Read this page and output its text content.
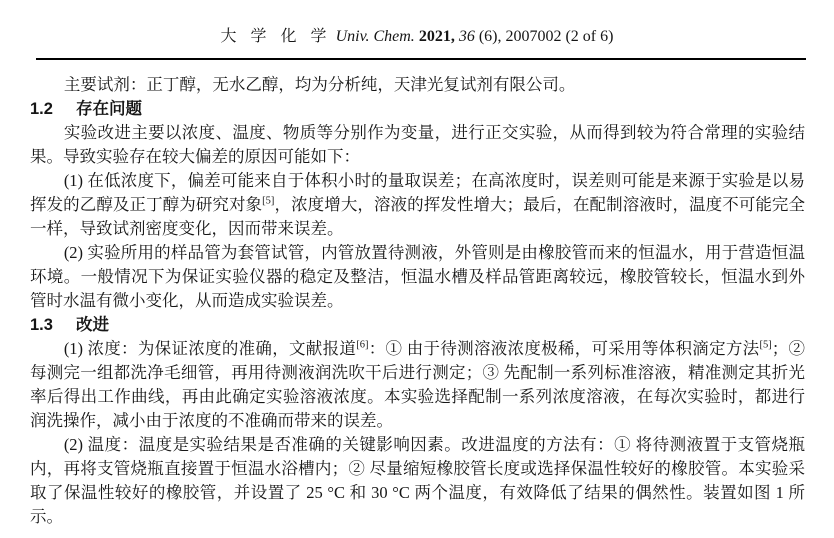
大 学 化 学 Univ. Chem. 2021, 36 (6), 2007002 (2 of 6)

主要试剂：正丁醇，无水乙醇，均为分析纯，天津光复试剂有限公司。

1.2 存在问题

实验改进主要以浓度、温度、物质等分别作为变量，进行正交实验，从而得到较为符合常理的实验结果。导致实验存在较大偏差的原因可能如下：

(1) 在低浓度下，偏差可能来自于体积小时的量取误差；在高浓度时，误差则可能是来源于实验是以易挥发的乙醇及正丁醇为研究对象[5]，浓度增大，溶液的挥发性增大；最后，在配制溶液时，温度不可能完全一样，导致试剂密度变化，因而带来误差。

(2) 实验所用的样品管为套管试管，内管放置待测液，外管则是由橡胶管而来的恒温水，用于营造恒温环境。一般情况下为保证实验仪器的稳定及整洁，恒温水槽及样品管距离较远，橡胶管较长，恒温水到外管时水温有微小变化，从而造成实验误差。

1.3 改进

(1) 浓度：为保证浓度的准确，文献报道[6]：① 由于待测溶液浓度极稀，可采用等体积滴定方法[5]；② 每测完一组都洗净毛细管，再用待测液润洗吹干后进行测定；③ 先配制一系列标准溶液，精准测定其折光率后得出工作曲线，再由此确定实验溶液浓度。本实验选择配制一系列浓度溶液，在每次实验时，都进行润洗操作，减小由于浓度的不准确而带来的误差。

(2) 温度：温度是实验结果是否准确的关键影响因素。改进温度的方法有：① 将待测液置于支管烧瓶内，再将支管烧瓶直接置于恒温水浴槽内；② 尽量缩短橡胶管长度或选择保温性较好的橡胶管。本实验采取了保温性较好的橡胶管，并设置了 25 °C 和 30 °C 两个温度，有效降低了结果的偶然性。装置如图 1 所示。
